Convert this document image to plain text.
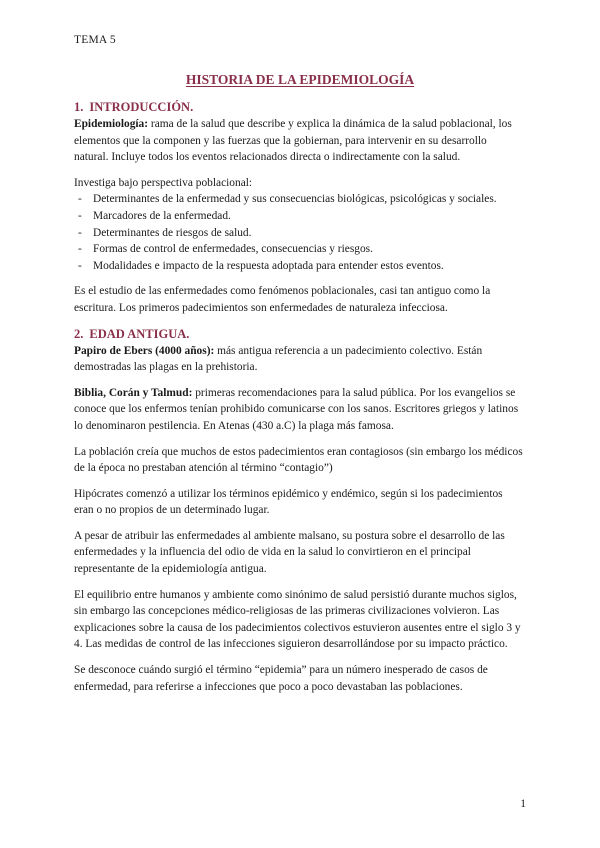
TEMA 5
HISTORIA DE LA EPIDEMIOLOGÍA
1. INTRODUCCIÓN.

Epidemiología: rama de la salud que describe y explica la dinámica de la salud poblacional, los elementos que la componen y las fuerzas que la gobiernan, para intervenir en su desarrollo natural. Incluye todos los eventos relacionados directa o indirectamente con la salud.

Investiga bajo perspectiva poblacional:

- Determinantes de la enfermedad y sus consecuencias biológicas, psicológicas y sociales.
- Marcadores de la enfermedad.
- Determinantes de riesgos de salud.
- Formas de control de enfermedades, consecuencias y riesgos.
- Modalidades e impacto de la respuesta adoptada para entender estos eventos.

Es el estudio de las enfermedades como fenómenos poblacionales, casi tan antiguo como la escritura. Los primeros padecimientos son enfermedades de naturaleza infecciosa.

2. EDAD ANTIGUA.

Papiro de Ebers (4000 años): más antigua referencia a un padecimiento colectivo. Están demostradas las plagas en la prehistoria.

Biblia, Corán y Talmud: primeras recomendaciones para la salud pública. Por los evangelios se conoce que los enfermos tenían prohibido comunicarse con los sanos. Escritores griegos y latinos lo denominaron pestilencia. En Atenas (430 a.C) la plaga más famosa.

La población creía que muchos de estos padecimientos eran contagiosos (sin embargo los médicos de la época no prestaban atención al término “contagio”)

Hipócrates comenzó a utilizar los términos epidémico y endémico, según si los padecimientos eran o no propios de un determinado lugar.

A pesar de atribuir las enfermedades al ambiente malsano, su postura sobre el desarrollo de las enfermedades y la influencia del odio de vida en la salud lo convirtieron en el principal representante de la epidemiología antigua.

El equilibrio entre humanos y ambiente como sinónimo de salud persistió durante muchos siglos, sin embargo las concepciones médico-religiosas de las primeras civilizaciones volvieron. Las explicaciones sobre la causa de los padecimientos colectivos estuvieron ausentes entre el siglo 3 y 4. Las medidas de control de las infecciones siguieron desarrollándose por su impacto práctico.

Se desconoce cuándo surgió el término “epidemia” para un número inesperado de casos de enfermedad, para referirse a infecciones que poco a poco devastaban las poblaciones.

1
